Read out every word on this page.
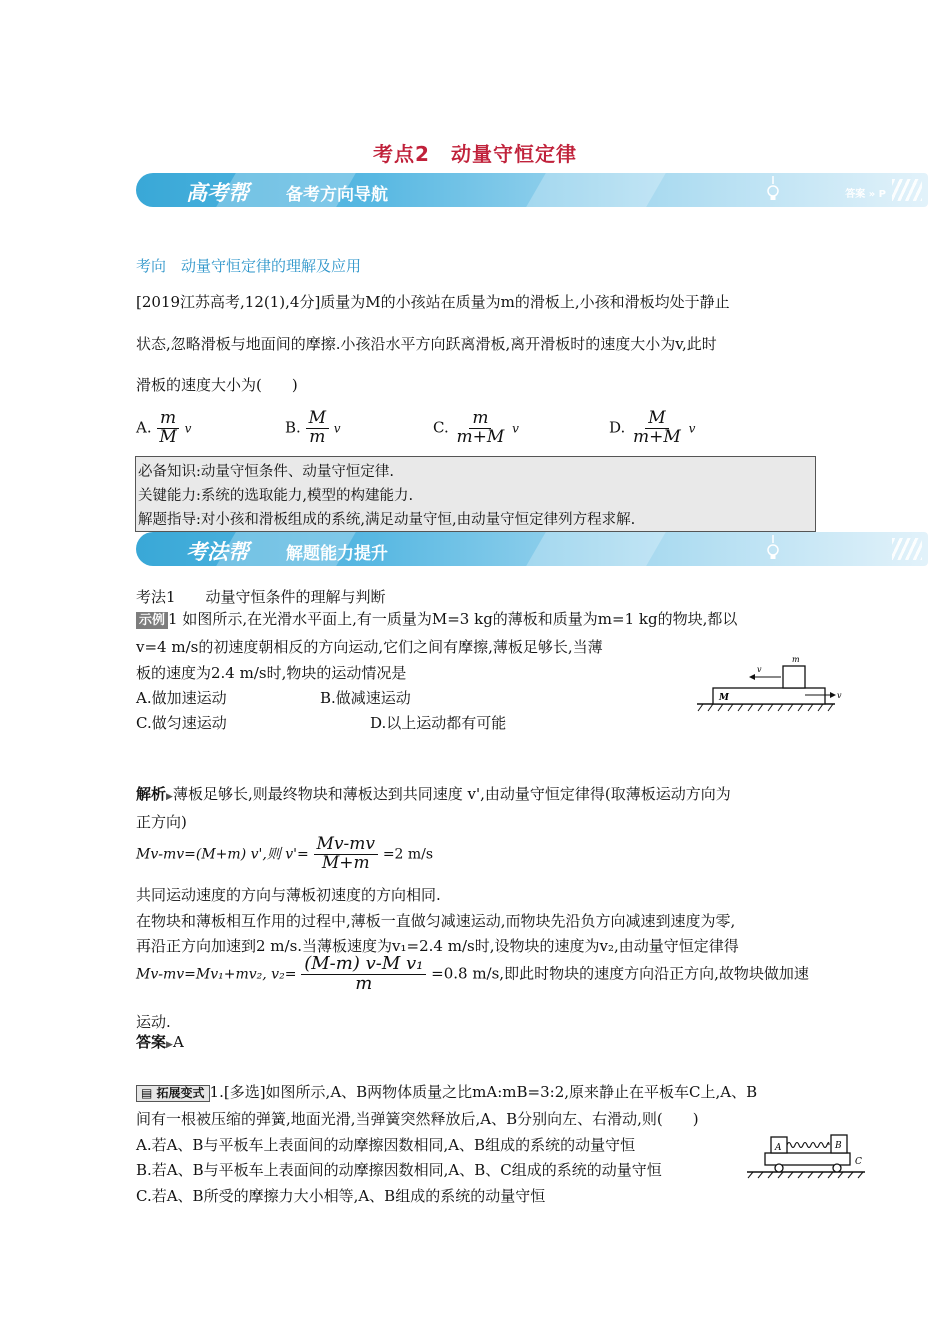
考点2　动量守恒定律
高考帮 备考方向导航	答案 » P
考向　动量守恒定律的理解及应用
[2019江苏高考,12(1),4分]质量为M的小孩站在质量为m的滑板上,小孩和滑板均处于静止
状态,忽略滑板与地面间的摩擦.小孩沿水平方向跃离滑板,离开滑板时的速度大小为v,此时
滑板的速度大小为(　　)
A. $\frac{m}{M}$ v	B. $\frac{M}{m}$ v	C. $\frac{m}{m+M}$ v	D. $\frac{M}{m+M}$ v
必备知识:动量守恒条件、动量守恒定律.
关键能力:系统的选取能力,模型的构建能力.
解题指导:对小孩和滑板组成的系统,满足动量守恒,由动量守恒定律列方程求解.
考法帮 解题能力提升
考法1　　动量守恒条件的理解与判断
示例 1 如图所示,在光滑水平面上,有一质量为M=3 kg的薄板和质量为m=1 kg的物块,都以
v=4 m/s的初速度朝相反的方向运动,它们之间有摩擦,薄板足够长,当薄
板的速度为2.4 m/s时,物块的运动情况是
A.做加速运动	B.做减速运动
C.做匀速运动	D.以上运动都有可能
m
M
v
v
解析▶薄板足够长,则最终物块和薄板达到共同速度 v',由动量守恒定律得(取薄板运动方向为
正方向)
Mv-mv=(M+m) v',则 $v'= \frac{Mv-mv}{M+m} =2$ m/s
共同运动速度的方向与薄板初速度的方向相同.
在物块和薄板相互作用的过程中,薄板一直做匀减速运动,而物块先沿负方向减速到速度为零,
再沿正方向加速到2 m/s.当薄板速度为v₁=2.4 m/s时,设物块的速度为v₂,由动量守恒定律得
Mv-mv=Mv₁+mv₂, $v_2= \frac{\text{(M-m) v-M v₁}}{m} =0.8$ m/s,即此时物块的速度方向沿正方向,故物块做加速
运动.
答案▶A
▤ 拓展变式 1.[多选]如图所示,A、B两物体质量之比mA:mB=3:2,原来静止在平板车C上,A、B
间有一根被压缩的弹簧,地面光滑,当弹簧突然释放后,A、B分别向左、右滑动,则(　　)
A.若A、B与平板车上表面间的动摩擦因数相同,A、B组成的系统的动量守恒
B.若A、B与平板车上表面间的动摩擦因数相同,A、B、C组成的系统的动量守恒
C.若A、B所受的摩擦力大小相等,A、B组成的系统的动量守恒
A	B
C
